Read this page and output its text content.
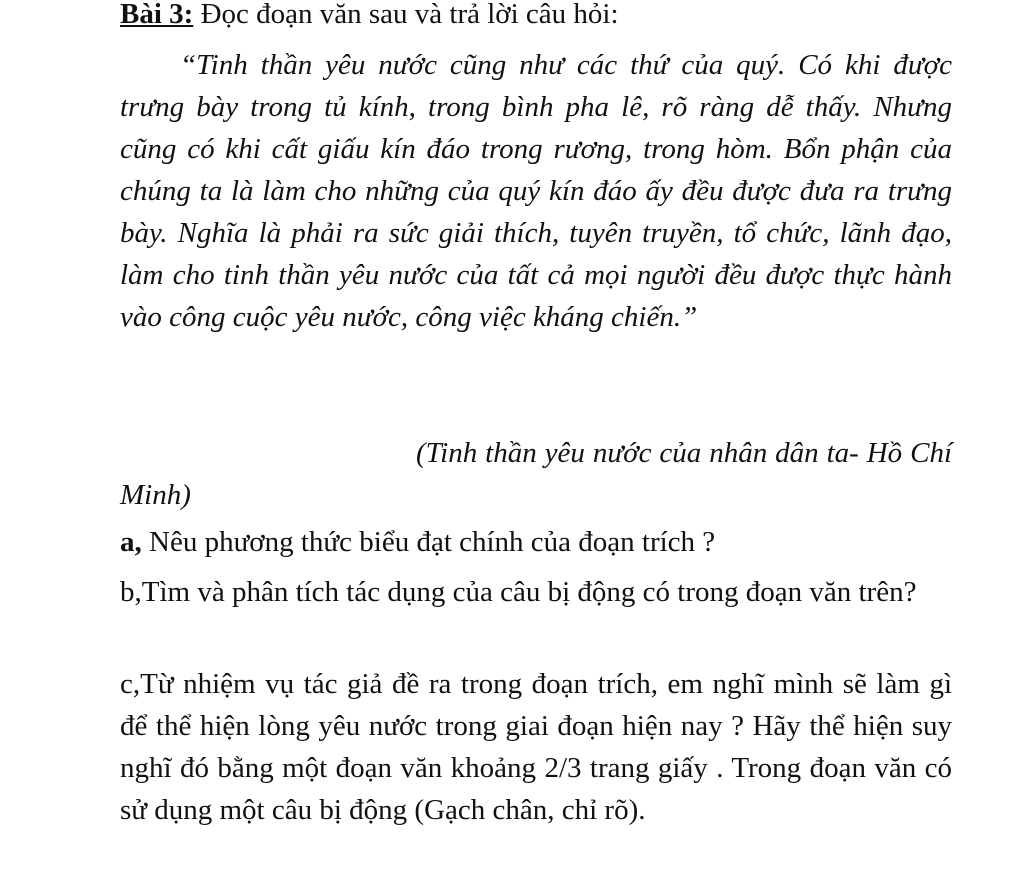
Bài 3: Đọc đoạn văn sau và trả lời câu hỏi:

“Tinh thần yêu nước cũng như các thứ của quý. Có khi được trưng bày trong tủ kính, trong bình pha lê, rõ ràng dễ thấy. Nhưng cũng có khi cất giấu kín đáo trong rương, trong hòm. Bổn phận của chúng ta là làm cho những của quý kín đáo ấy đều được đưa ra trưng bày. Nghĩa là phải ra sức giải thích, tuyên truyền, tổ chức, lãnh đạo, làm cho tinh thần yêu nước của tất cả mọi người đều được thực hành vào công cuộc yêu nước, công việc kháng chiến.”

(Tinh thần yêu nước của nhân dân ta- Hồ Chí Minh)

a, Nêu phương thức biểu đạt chính của đoạn trích ?

b,Tìm và phân tích tác dụng của câu bị động có trong đoạn văn trên?

c,Từ nhiệm vụ tác giả đề ra trong đoạn trích, em nghĩ mình sẽ làm gì để thể hiện lòng yêu nước trong giai đoạn hiện nay ? Hãy thể hiện suy nghĩ đó bằng một đoạn văn khoảng 2/3 trang giấy . Trong đoạn văn có sử dụng một câu bị động (Gạch chân, chỉ rõ).
